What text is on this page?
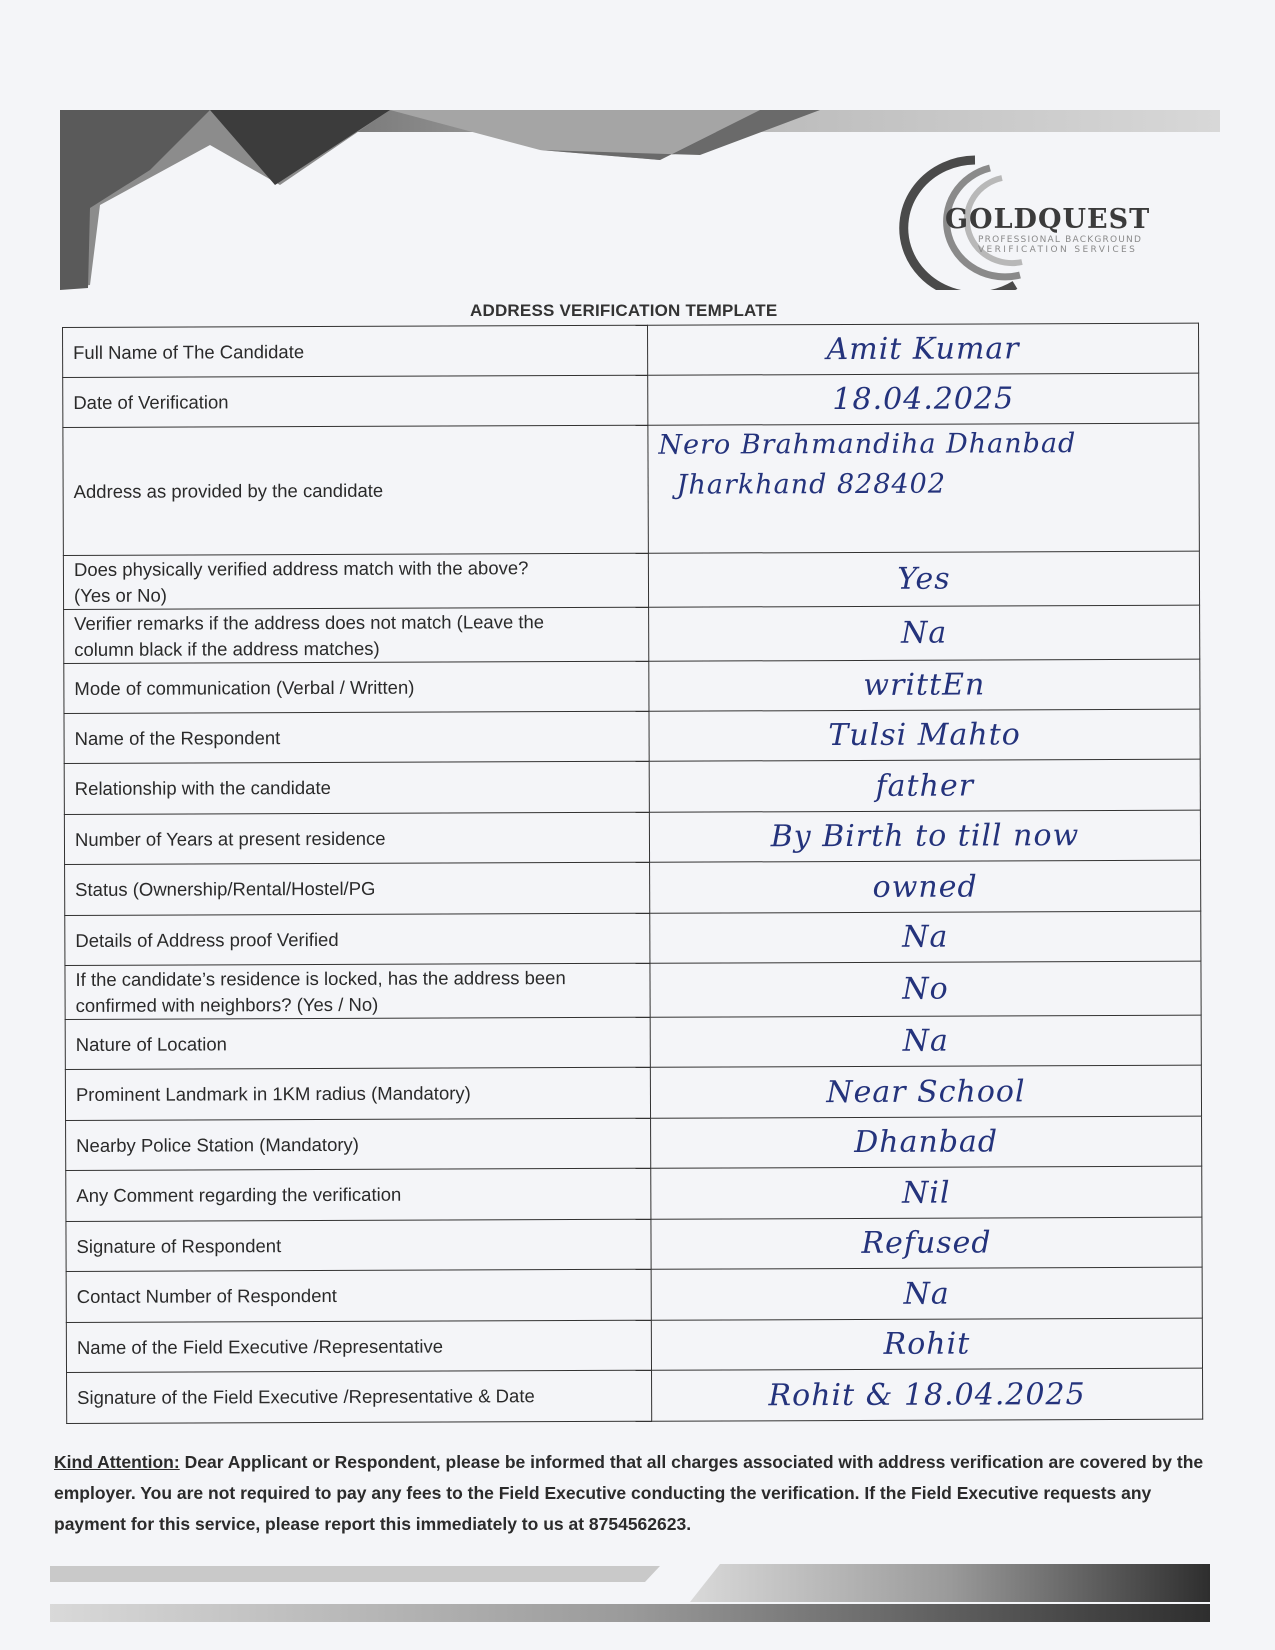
GOLDQUEST
PROFESSIONAL BACKGROUND
VERIFICATION SERVICES
ADDRESS VERIFICATION TEMPLATE
Full Name of The Candidate	Amit Kumar
Date of Verification	18.04.2025
Address as provided by the candidate	Nero Brahmandiha Dhanbad
Jharkhand 828402

Does physically verified address match with the above?
(Yes or No)	Yes

Verifier remarks if the address does not match (Leave the
column black if the address matches)	Na
Mode of communication (Verbal / Written)	writtEn
Name of the Respondent	Tulsi Mahto
Relationship with the candidate	father
Number of Years at present residence	By Birth to till now
Status (Ownership/Rental/Hostel/PG	owned
Details of Address proof Verified	Na

If the candidate’s residence is locked, has the address been
confirmed with neighbors? (Yes / No)	No
Nature of Location	Na
Prominent Landmark in 1KM radius (Mandatory)	Near School
Nearby Police Station (Mandatory)	Dhanbad
Any Comment regarding the verification	Nil
Signature of Respondent	Refused
Contact Number of Respondent	Na
Name of the Field Executive /Representative	Rohit
Signature of the Field Executive /Representative & Date	Rohit & 18.04.2025
Kind Attention: Dear Applicant or Respondent, please be informed that all charges associated with address verification are covered by the employer. You are not required to pay any fees to the Field Executive conducting the verification. If the Field Executive requests any payment for this service, please report this immediately to us at 8754562623.
